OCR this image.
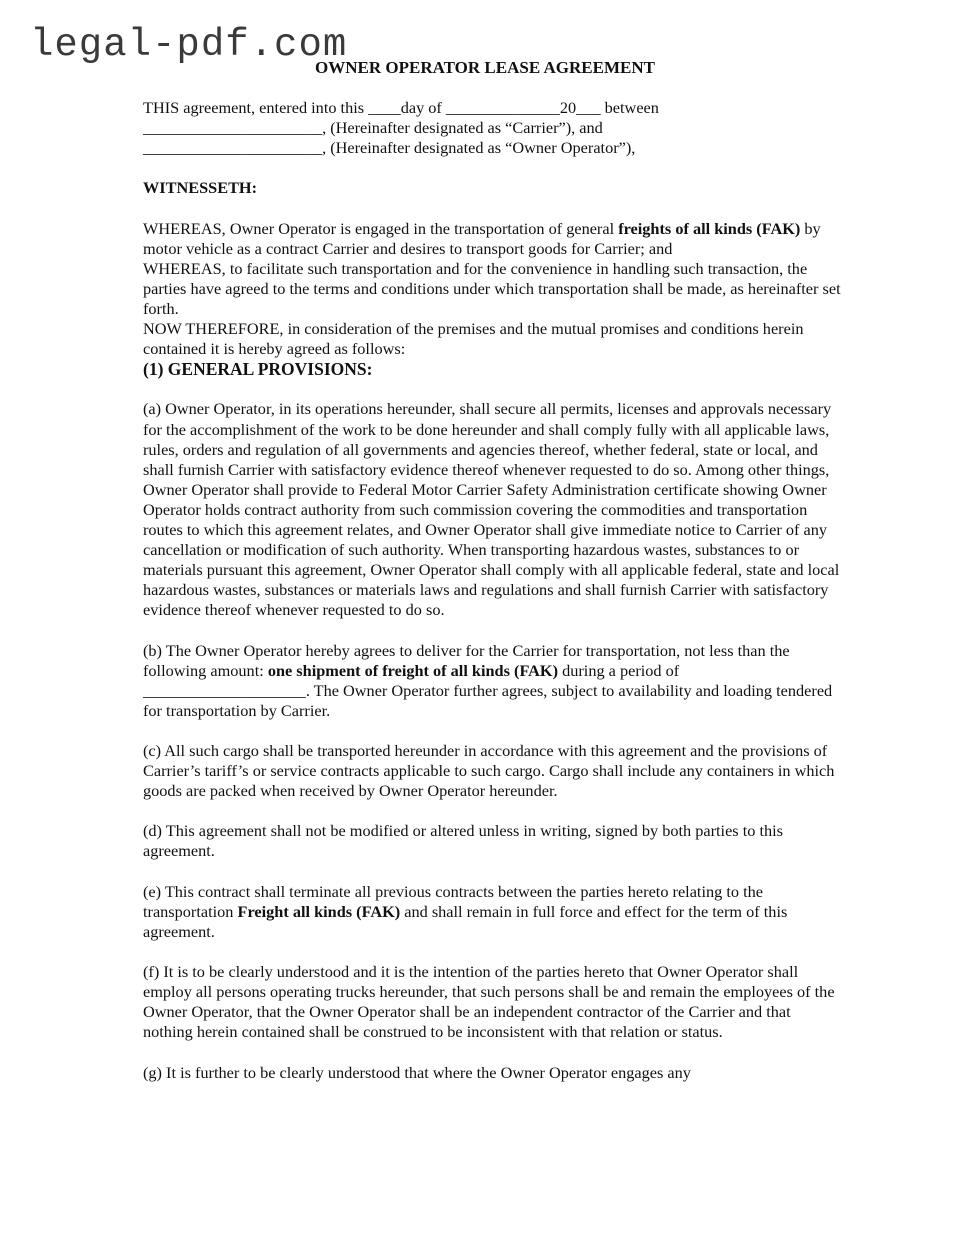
legal-pdf.com
OWNER OPERATOR LEASE AGREEMENT

THIS agreement, entered into this ____day of ______________20___ between

______________________, (Hereinafter designated as “Carrier”), and

______________________, (Hereinafter designated as “Owner Operator”),

WITNESSETH:

WHEREAS, Owner Operator is engaged in the transportation of general freights of all kinds (FAK) by motor vehicle as a contract Carrier and desires to transport goods for Carrier; and

WHEREAS, to facilitate such transportation and for the convenience in handling such transaction, the parties have agreed to the terms and conditions under which transportation shall be made, as hereinafter set forth.

NOW THEREFORE, in consideration of the premises and the mutual promises and conditions herein contained it is hereby agreed as follows:

(1) GENERAL PROVISIONS:

(a) Owner Operator, in its operations hereunder, shall secure all permits, licenses and approvals necessary for the accomplishment of the work to be done hereunder and shall comply fully with all applicable laws, rules, orders and regulation of all governments and agencies thereof, whether federal, state or local, and shall furnish Carrier with satisfactory evidence thereof whenever requested to do so. Among other things, Owner Operator shall provide to Federal Motor Carrier Safety Administration certificate showing Owner Operator holds contract authority from such commission covering the commodities and transportation routes to which this agreement relates, and Owner Operator shall give immediate notice to Carrier of any cancellation or modification of such authority. When transporting hazardous wastes, substances to or materials pursuant this agreement, Owner Operator shall comply with all applicable federal, state and local hazardous wastes, substances or materials laws and regulations and shall furnish Carrier with satisfactory evidence thereof whenever requested to do so.

(b) The Owner Operator hereby agrees to deliver for the Carrier for transportation, not less than the following amount: one shipment of freight of all kinds (FAK) during a period of ____________________. The Owner Operator further agrees, subject to availability and loading tendered for transportation by Carrier.

(c) All such cargo shall be transported hereunder in accordance with this agreement and the provisions of Carrier’s tariff’s or service contracts applicable to such cargo. Cargo shall include any containers in which goods are packed when received by Owner Operator hereunder.

(d) This agreement shall not be modified or altered unless in writing, signed by both parties to this agreement.

(e) This contract shall terminate all previous contracts between the parties hereto relating to the transportation Freight all kinds (FAK) and shall remain in full force and effect for the term of this agreement.

(f) It is to be clearly understood and it is the intention of the parties hereto that Owner Operator shall employ all persons operating trucks hereunder, that such persons shall be and remain the employees of the Owner Operator, that the Owner Operator shall be an independent contractor of the Carrier and that nothing herein contained shall be construed to be inconsistent with that relation or status.

(g) It is further to be clearly understood that where the Owner Operator engages any
